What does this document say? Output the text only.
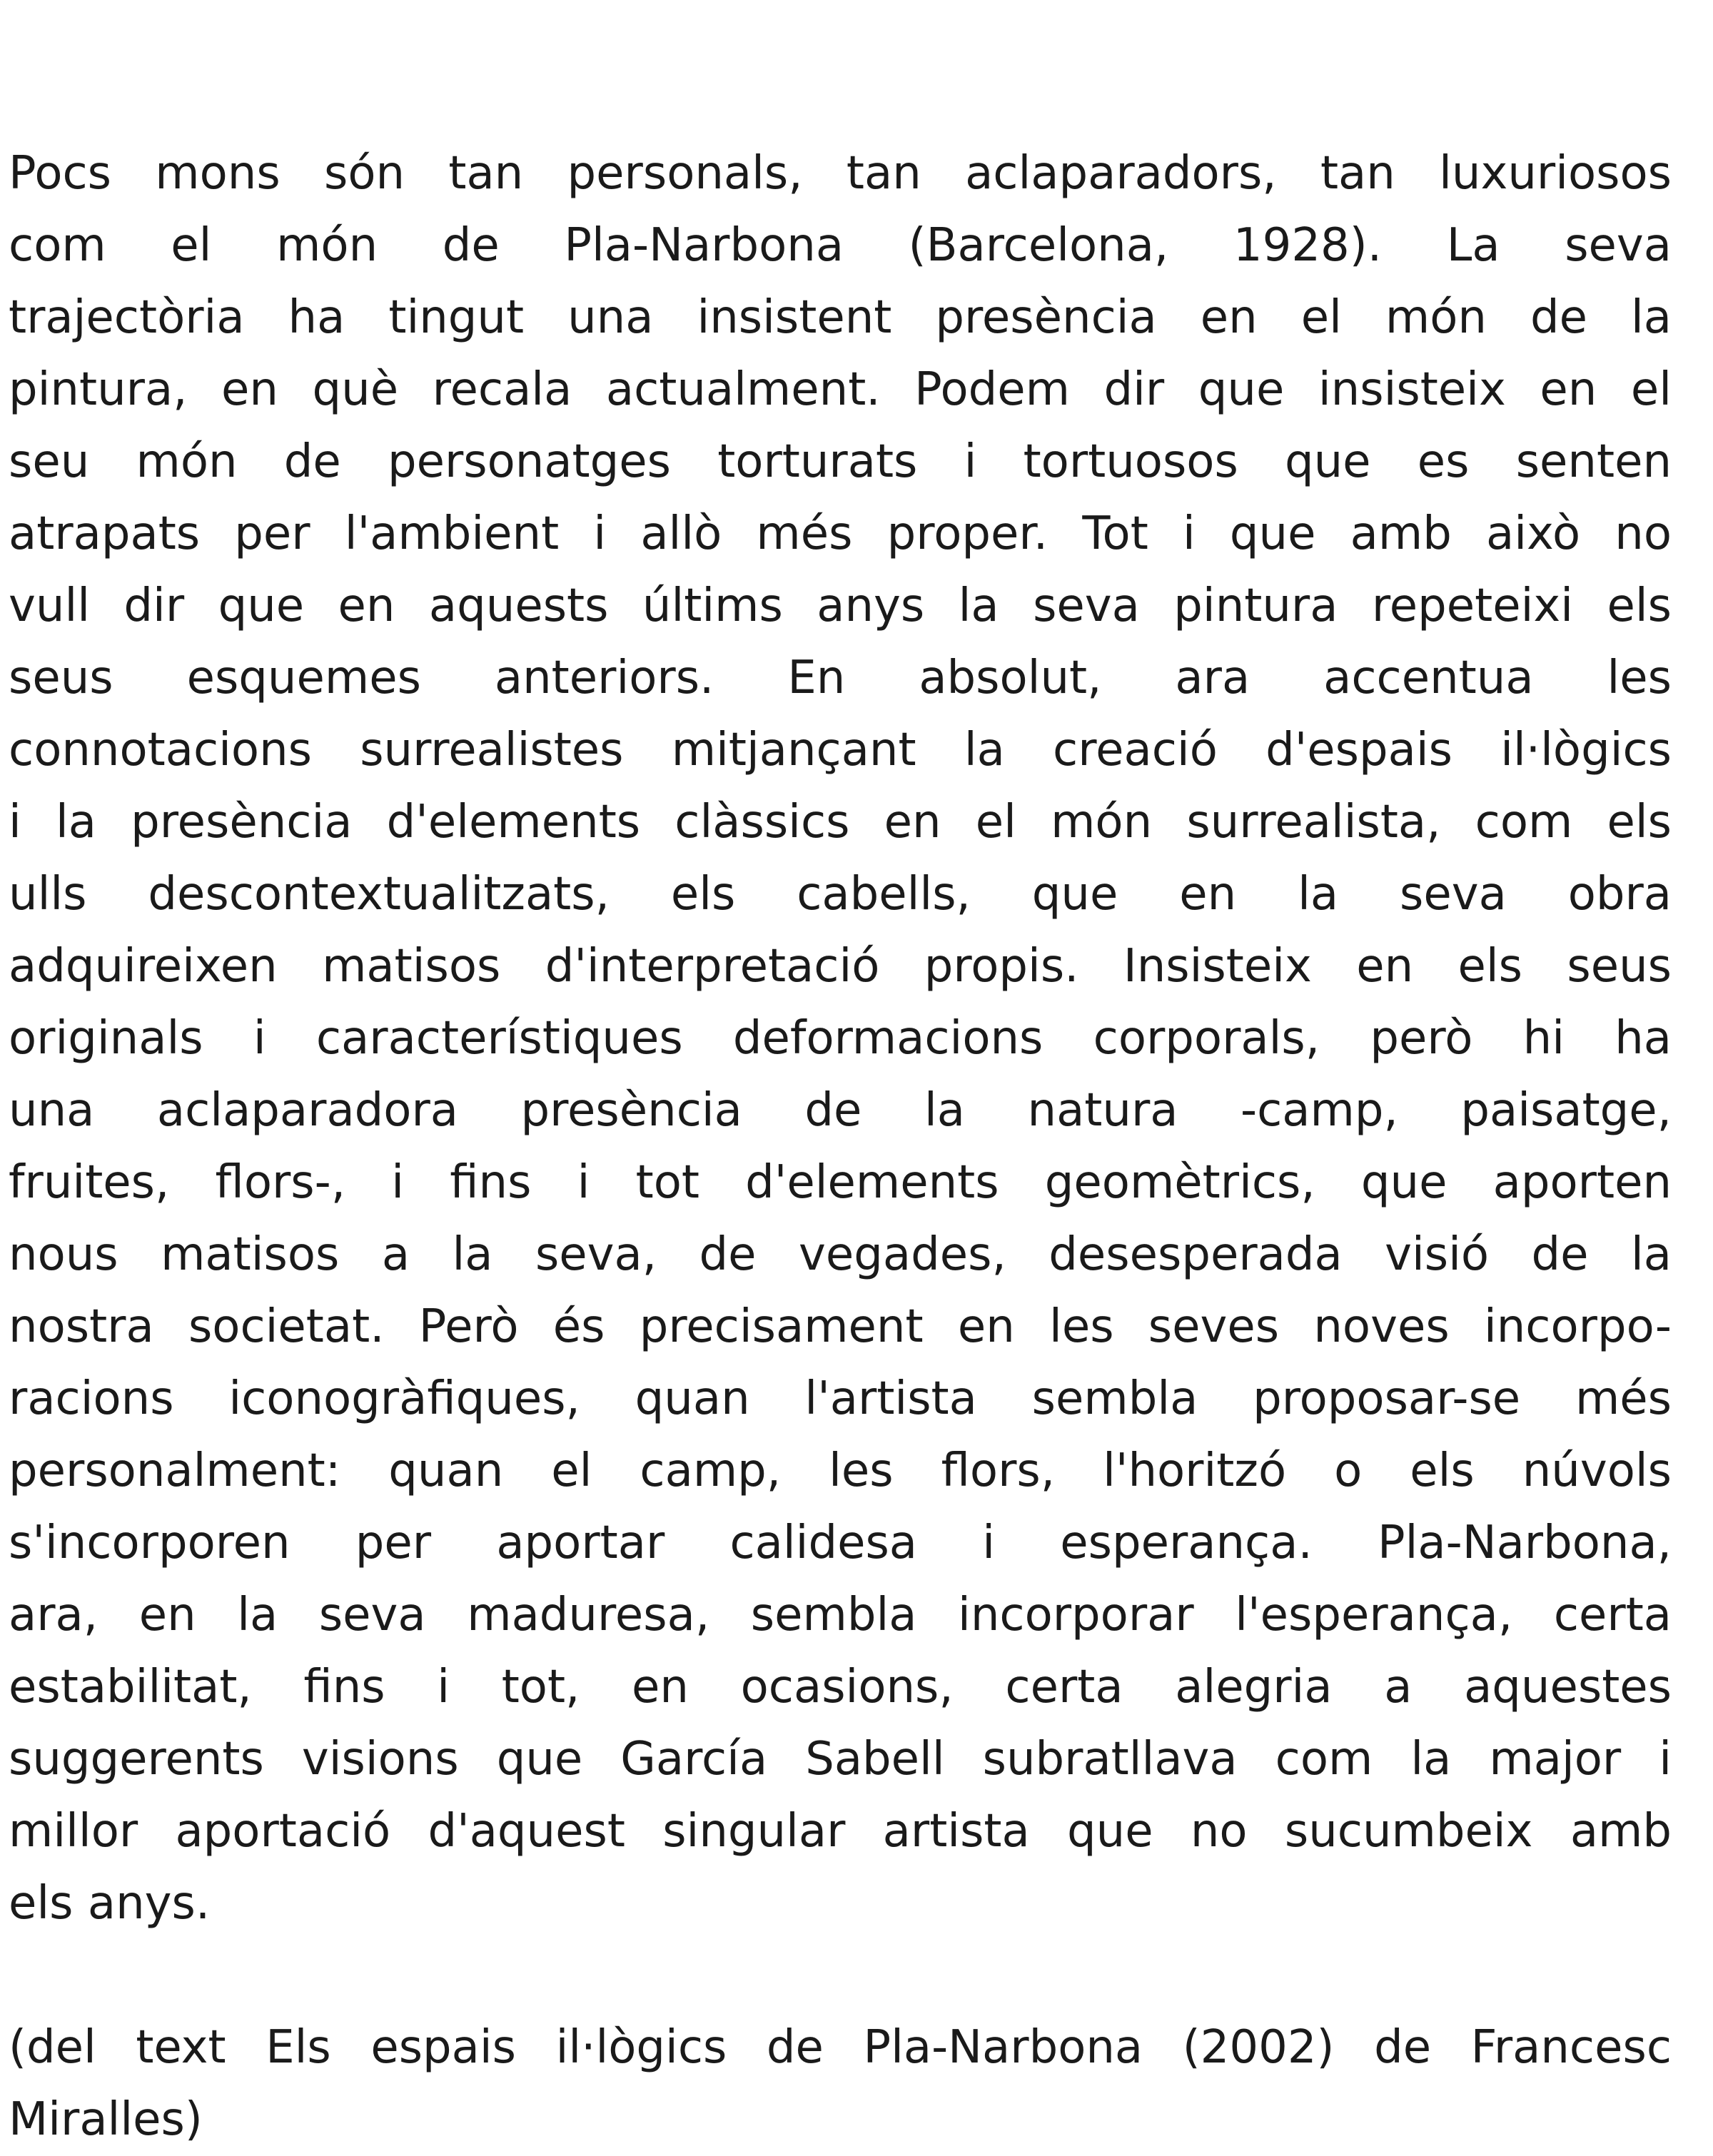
Pocs mons són tan personals, tan aclaparadors, tan luxuriosos
com el món de Pla-Narbona (Barcelona, 1928). La seva
trajectòria ha tingut una insistent presència en el món de la
pintura, en què recala actualment. Podem dir que insisteix en el
seu món de personatges torturats i tortuosos que es senten
atrapats per l'ambient i allò més proper. Tot i que amb això no
vull dir que en aquests últims anys la seva pintura repeteixi els
seus esquemes anteriors. En absolut, ara accentua les
connotacions surrealistes mitjançant la creació d'espais il·lògics
i la presència d'elements clàssics en el món surrealista, com els
ulls descontextualitzats, els cabells, que en la seva obra
adquireixen matisos d'interpretació propis. Insisteix en els seus
originals i característiques deformacions corporals, però hi ha
una aclaparadora presència de la natura -camp, paisatge,
fruites, flors-, i fins i tot d'elements geomètrics, que aporten
nous matisos a la seva, de vegades, desesperada visió de la
nostra societat. Però és precisament en les seves noves incorpo-
racions iconogràfiques, quan l'artista sembla proposar-se més
personalment: quan el camp, les flors, l'horitzó o els núvols
s'incorporen per aportar calidesa i esperança. Pla-Narbona,
ara, en la seva maduresa, sembla incorporar l'esperança, certa
estabilitat, fins i tot, en ocasions, certa alegria a aquestes
suggerents visions que García Sabell subratllava com la major i
millor aportació d'aquest singular artista que no sucumbeix amb
els anys.
(del text Els espais il·lògics de Pla-Narbona (2002) de Francesc
Miralles)
